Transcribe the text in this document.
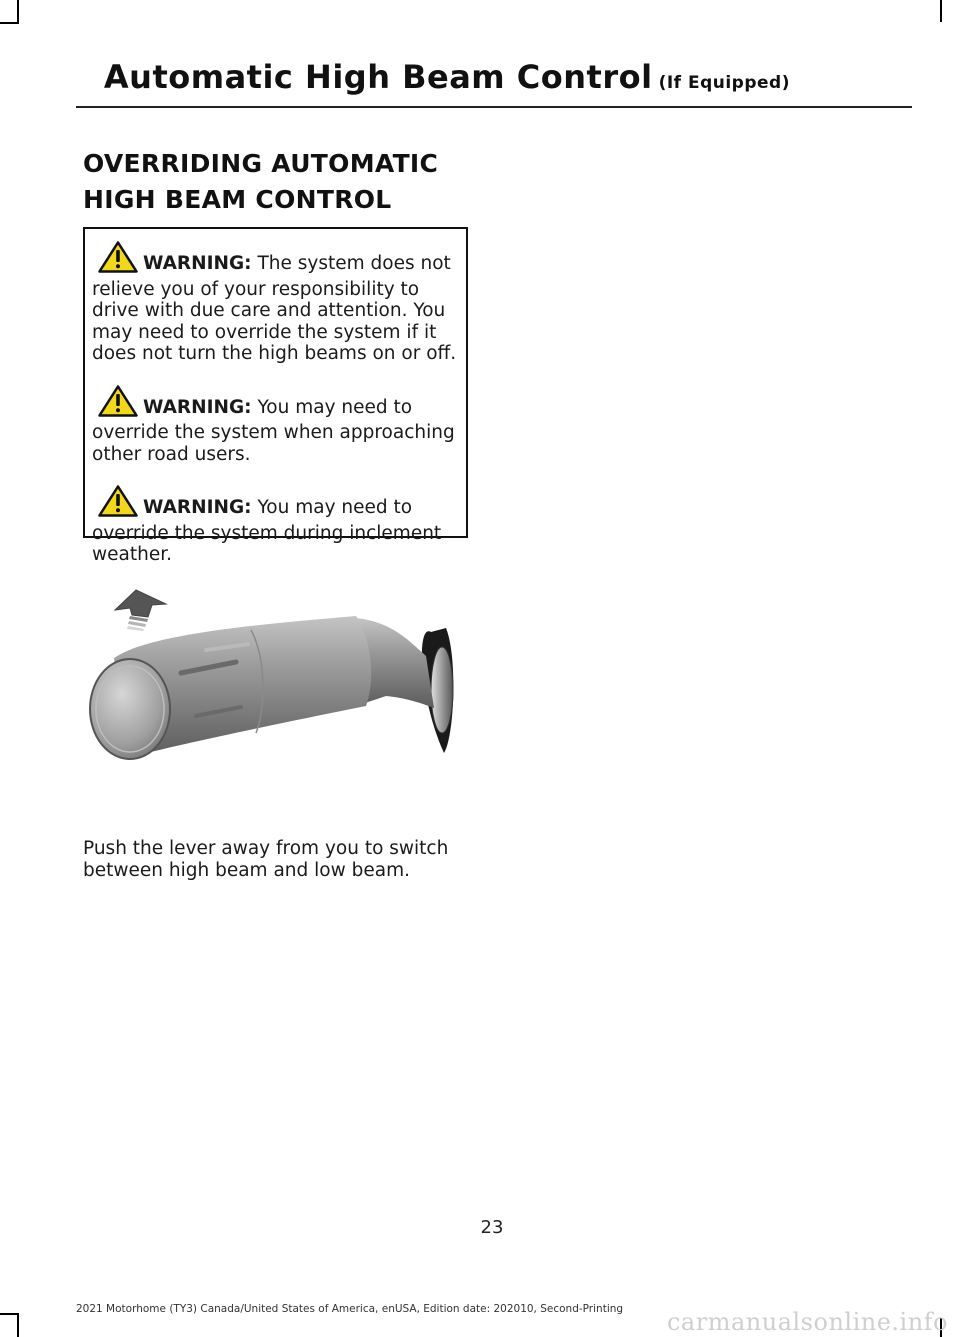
Automatic High Beam Control (If Equipped)
OVERRIDING AUTOMATIC HIGH BEAM CONTROL
WARNING: The system does not relieve you of your responsibility to drive with due care and attention. You may need to override the system if it does not turn the high beams on or off.
WARNING: You may need to override the system when approaching other road users.
WARNING: You may need to override the system during inclement weather.
Push the lever away from you to switch between high beam and low beam.
23
2021 Motorhome (TY3) Canada/United States of America, enUSA, Edition date: 202010, Second-Printing carmanualsonline.info
